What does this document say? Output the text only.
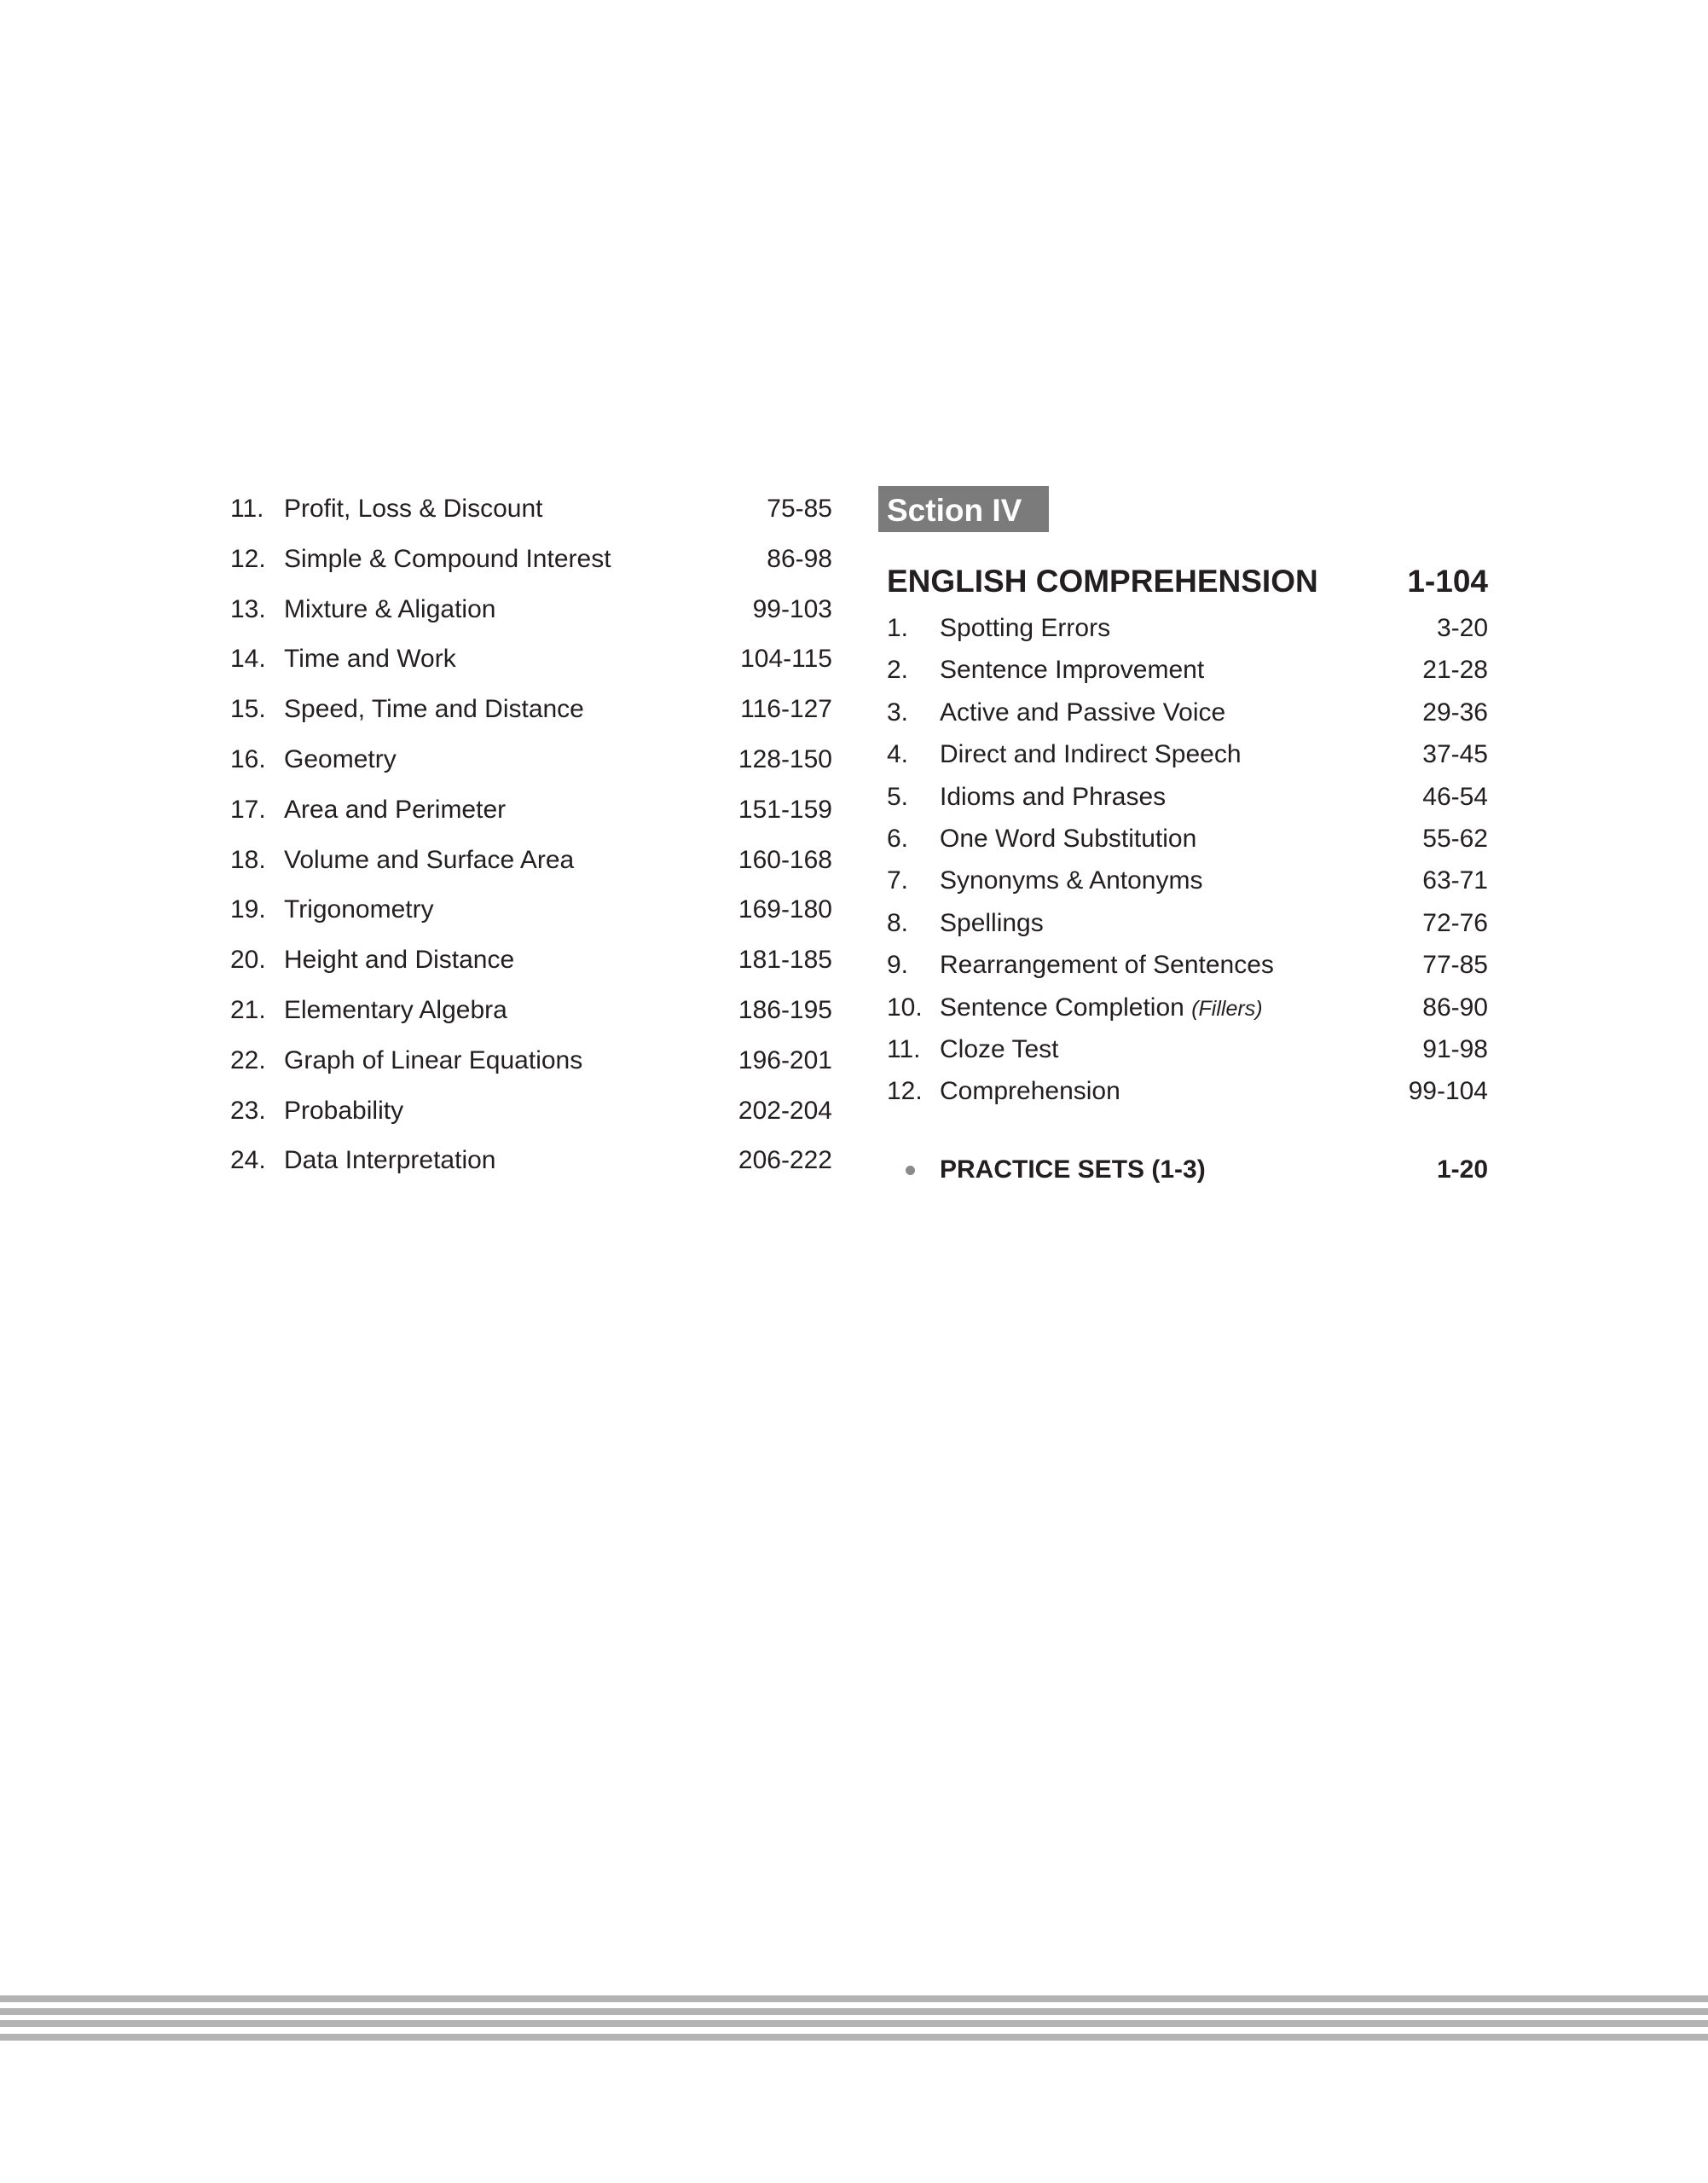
11. Profit, Loss & Discount	75-85
12. Simple & Compound Interest	86-98
13. Mixture & Aligation	99-103
14. Time and Work	104-115
15. Speed, Time and Distance	116-127
16. Geometry	128-150
17. Area and Perimeter	151-159
18. Volume and Surface Area	160-168
19. Trigonometry	169-180
20. Height and Distance	181-185
21. Elementary Algebra	186-195
22. Graph of Linear Equations	196-201
23. Probability	202-204
24. Data Interpretation	206-222
Sction IV
ENGLISH COMPREHENSION	1-104
1. Spotting Errors	3-20
2. Sentence Improvement	21-28
3. Active and Passive Voice	29-36
4. Direct and Indirect Speech	37-45
5. Idioms and Phrases	46-54
6. One Word Substitution	55-62
7. Synonyms & Antonyms	63-71
8. Spellings	72-76
9. Rearrangement of Sentences	77-85
10. Sentence Completion (Fillers)	86-90
11. Cloze Test	91-98
12. Comprehension	99-104
PRACTICE SETS (1-3)	1-20
